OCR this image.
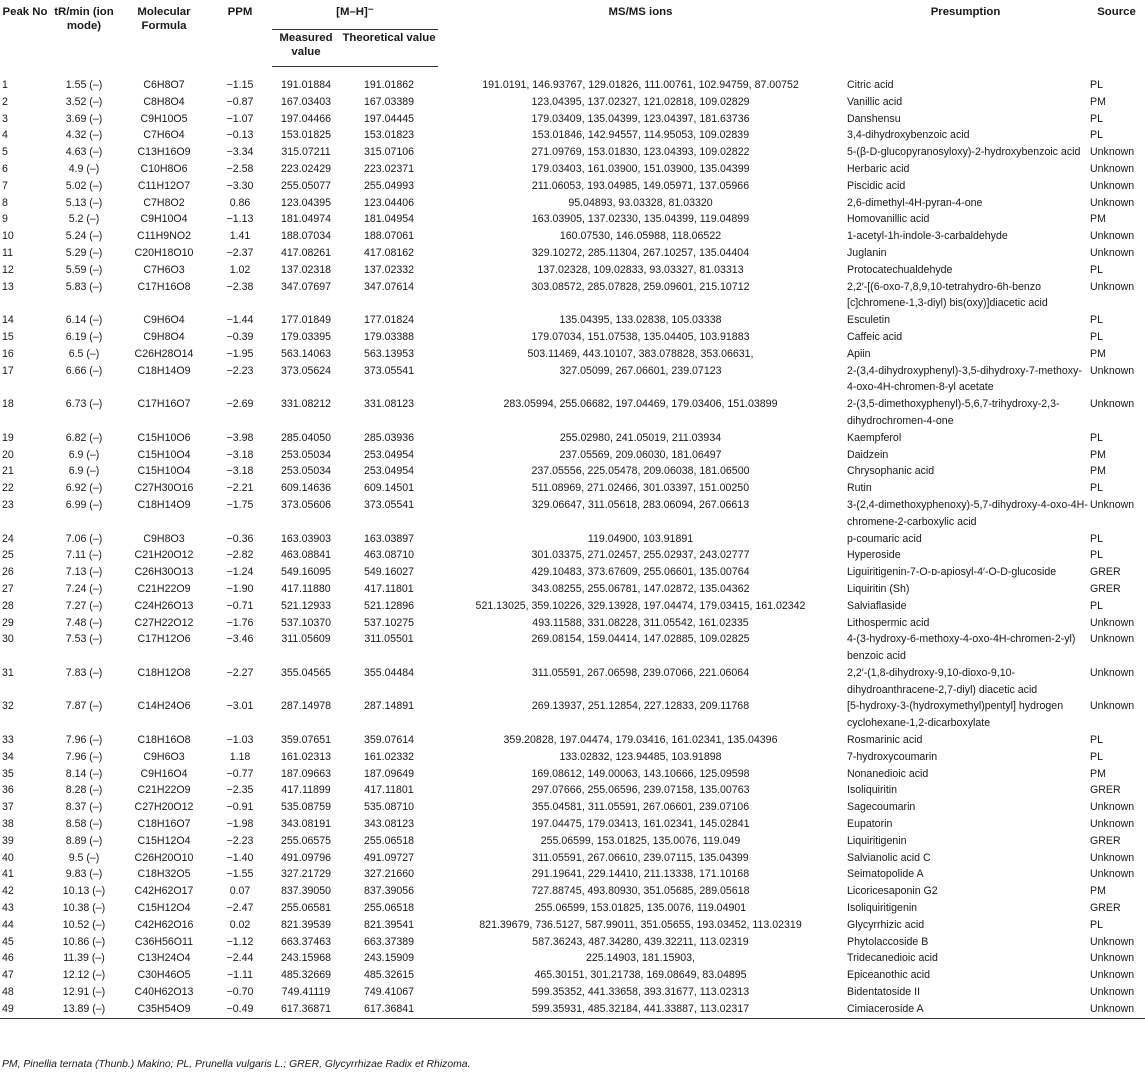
Peak No	tR/min (ion mode)	Molecular Formula	PPM	[M–H]⁻		MS/MS ions	Presumption	Source
				Measured value	Theoretical value			
1	1.55 (–)	C6H8O7	−1.15	191.01884	191.01862	191.0191, 146.93767, 129.01826, 111.00761, 102.94759, 87.00752	Citric acid	PL
2	3.52 (–)	C8H8O4	−0.87	167.03403	167.03389	123.04395, 137.02327, 121.02818, 109.02829	Vanillic acid	PM
3	3.69 (–)	C9H10O5	−1.07	197.04466	197.04445	179.03409, 135.04399, 123.04397, 181.63736	Danshensu	PL
4	4.32 (–)	C7H6O4	−0.13	153.01825	153.01823	153.01846, 142.94557, 114.95053, 109.02839	3,4-dihydroxybenzoic acid	PL
5	4.63 (–)	C13H16O9	−3.34	315.07211	315.07106	271.09769, 153.01830, 123.04393, 109.02822	5-(β-D-glucopyranosyloxy)-2-hydroxybenzoic acid	Unknown
6	4.9 (–)	C10H8O6	−2.58	223.02429	223.02371	179.03403, 161.03900, 151.03900, 135.04399	Herbaric acid	Unknown
7	5.02 (–)	C11H12O7	−3.30	255.05077	255.04993	211.06053, 193.04985, 149.05971, 137.05966	Piscidic acid	Unknown
8	5.13 (–)	C7H8O2	0.86	123.04395	123.04406	95.04893, 93.03328, 81.03320	2,6-dimethyl-4H-pyran-4-one	Unknown
9	5.2 (–)	C9H10O4	−1.13	181.04974	181.04954	163.03905, 137.02330, 135.04399, 119.04899	Homovanillic acid	PM
10	5.24 (–)	C11H9NO2	1.41	188.07034	188.07061	160.07530, 146.05988, 118.06522	1-acetyl-1h-indole-3-carbaldehyde	Unknown
11	5.29 (–)	C20H18O10	−2.37	417.08261	417.08162	329.10272, 285.11304, 267.10257, 135.04404	Juglanin	Unknown
12	5.59 (–)	C7H6O3	1.02	137.02318	137.02332	137.02328, 109.02833, 93.03327, 81.03313	Protocatechualdehyde	PL
13	5.83 (–)	C17H16O8	−2.38	347.07697	347.07614	303.08572, 285.07828, 259.09601, 215.10712	2,2′-[(6-oxo-7,8,9,10-tetrahydro-6h-benzo [c]chromene-1,3-diyl) bis(oxy)]diacetic acid	Unknown
14	6.14 (–)	C9H6O4	−1.44	177.01849	177.01824	135.04395, 133.02838, 105.03338	Esculetin	PL
15	6.19 (–)	C9H8O4	−0.39	179.03395	179.03388	179.07034, 151.07538, 135.04405, 103.91883	Caffeic acid	PL
16	6.5 (–)	C26H28O14	−1.95	563.14063	563.13953	503.11469, 443.10107, 383.078828, 353.06631,	Apiin	PM
17	6.66 (–)	C18H14O9	−2.23	373.05624	373.05541	327.05099, 267.06601, 239.07123	2-(3,4-dihydroxyphenyl)-3,5-dihydroxy-7-methoxy-4-oxo-4H-chromen-8-yl acetate	Unknown
18	6.73 (–)	C17H16O7	−2.69	331.08212	331.08123	283.05994, 255.06682, 197.04469, 179.03406, 151.03899	2-(3,5-dimethoxyphenyl)-5,6,7-trihydroxy-2,3-dihydrochromen-4-one	Unknown
19	6.82 (–)	C15H10O6	−3.98	285.04050	285.03936	255.02980, 241.05019, 211.03934	Kaempferol	PL
20	6.9 (–)	C15H10O4	−3.18	253.05034	253.04954	237.05569, 209.06030, 181.06497	Daidzein	PM
21	6.9 (–)	C15H10O4	−3.18	253.05034	253.04954	237.05556, 225.05478, 209.06038, 181.06500	Chrysophanic acid	PM
22	6.92 (–)	C27H30O16	−2.21	609.14636	609.14501	511.08969, 271.02466, 301.03397, 151.00250	Rutin	PL
23	6.99 (–)	C18H14O9	−1.75	373.05606	373.05541	329.06647, 311.05618, 283.06094, 267.06613	3-(2,4-dimethoxyphenoxy)-5,7-dihydroxy-4-oxo-4H-chromene-2-carboxylic acid	Unknown
24	7.06 (–)	C9H8O3	−0.36	163.03903	163.03897	119.04900, 103.91891	p-coumaric acid	PL
25	7.11 (–)	C21H20O12	−2.82	463.08841	463.08710	301.03375, 271.02457, 255.02937, 243.02777	Hyperoside	PL
26	7.13 (–)	C26H30O13	−1.24	549.16095	549.16027	429.10483, 373.67609, 255.06601, 135.00764	Liguiritigenin-7-O-ᴅ-apiosyl-4′-O-D-glucoside	GRER
27	7.24 (–)	C21H22O9	−1.90	417.11880	417.11801	343.08255, 255.06781, 147.02872, 135.04362	Liquiritin (Sh)	GRER
28	7.27 (–)	C24H26O13	−0.71	521.12933	521.12896	521.13025, 359.10226, 329.13928, 197.04474, 179.03415, 161.02342	Salviaflaside	PL
29	7.48 (–)	C27H22O12	−1.76	537.10370	537.10275	493.11588, 331.08228, 311.05542, 161.02335	Lithospermic acid	Unknown
30	7.53 (–)	C17H12O6	−3.46	311.05609	311.05501	269.08154, 159.04414, 147.02885, 109.02825	4-(3-hydroxy-6-methoxy-4-oxo-4H-chromen-2-yl) benzoic acid	Unknown
31	7.83 (–)	C18H12O8	−2.27	355.04565	355.04484	311.05591, 267.06598, 239.07066, 221.06064	2,2′-(1,8-dihydroxy-9,10-dioxo-9,10-dihydroanthracene-2,7-diyl) diacetic acid	Unknown
32	7.87 (–)	C14H24O6	−3.01	287.14978	287.14891	269.13937, 251.12854, 227.12833, 209.11768	[5-hydroxy-3-(hydroxymethyl)pentyl] hydrogen cyclohexane-1,2-dicarboxylate	Unknown
33	7.96 (–)	C18H16O8	−1.03	359.07651	359.07614	359.20828, 197.04474, 179.03416, 161.02341, 135.04396	Rosmarinic acid	PL
34	7.96 (–)	C9H6O3	1.18	161.02313	161.02332	133.02832, 123.94485, 103.91898	7-hydroxycoumarin	PL
35	8.14 (–)	C9H16O4	−0.77	187.09663	187.09649	169.08612, 149.00063, 143.10666, 125.09598	Nonanedioic acid	PM
36	8.28 (–)	C21H22O9	−2.35	417.11899	417.11801	297.07666, 255.06596, 239.07158, 135.00763	Isoliquiritin	GRER
37	8.37 (–)	C27H20O12	−0.91	535.08759	535.08710	355.04581, 311.05591, 267.06601, 239.07106	Sagecoumarin	Unknown
38	8.58 (–)	C18H16O7	−1.98	343.08191	343.08123	197.04475, 179.03413, 161.02341, 145.02841	Eupatorin	Unknown
39	8.89 (–)	C15H12O4	−2.23	255.06575	255.06518	255.06599, 153.01825, 135.0076, 119.049	Liquiritigenin	GRER
40	9.5 (–)	C26H20O10	−1.40	491.09796	491.09727	311.05591, 267.06610, 239.07115, 135.04399	Salvianolic acid C	Unknown
41	9.83 (–)	C18H32O5	−1.55	327.21729	327.21660	291.19641, 229.14410, 211.13338, 171.10168	Seimatopolide A	Unknown
42	10.13 (–)	C42H62O17	0.07	837.39050	837.39056	727.88745, 493.80930, 351.05685, 289.05618	Licoricesaponin G2	PM
43	10.38 (–)	C15H12O4	−2.47	255.06581	255.06518	255.06599, 153.01825, 135.0076, 119.04901	Isoliquiritigenin	GRER
44	10.52 (–)	C42H62O16	0.02	821.39539	821.39541	821.39679, 736.5127, 587.99011, 351.05655, 193.03452, 113.02319	Glycyrrhizic acid	PL
45	10.86 (–)	C36H56O11	−1.12	663.37463	663.37389	587.36243, 487.34280, 439.32211, 113.02319	Phytolaccoside B	Unknown
46	11.39 (–)	C13H24O4	−2.44	243.15968	243.15909	225.14903, 181.15903,	Tridecanedioic acid	Unknown
47	12.12 (–)	C30H46O5	−1.11	485.32669	485.32615	465.30151, 301.21738, 169.08649, 83.04895	Epiceanothic acid	Unknown
48	12.91 (–)	C40H62O13	−0.70	749.41119	749.41067	599.35352, 441.33658, 393.31677, 113.02313	Bidentatoside II	Unknown
49	13.89 (–)	C35H54O9	−0.49	617.36871	617.36841	599.35931, 485.32184, 441.33887, 113.02317	Cimiaceroside A	Unknown
PM, Pinellia ternata (Thunb.) Makino; PL, Prunella vulgaris L.; GRER, Glycyrrhizae Radix et Rhizoma.
